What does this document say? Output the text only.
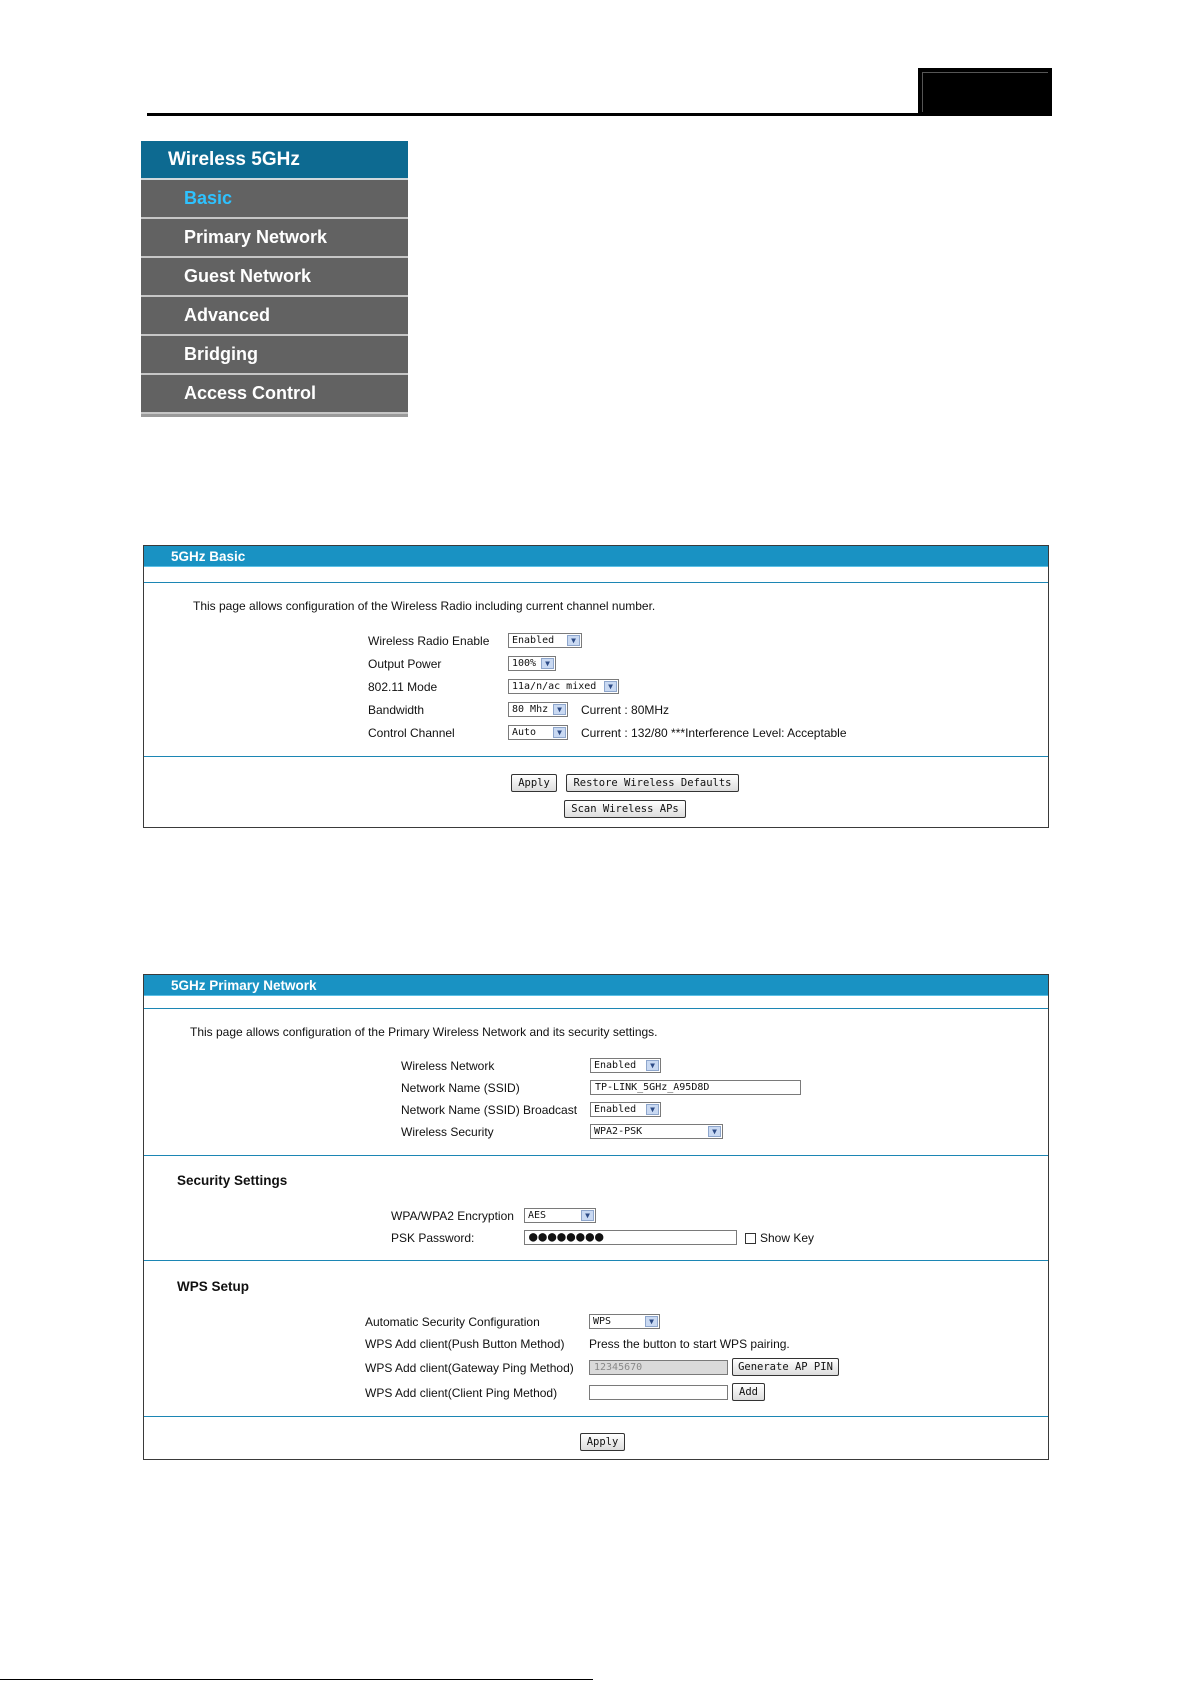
Wireless 5GHz
Basic
Primary Network
Guest Network
Advanced
Bridging
Access Control
5GHz Basic
This page allows configuration of the Wireless Radio including current channel number.
Wireless Radio Enable	Enabled	▼
Output Power	100%	▼
802.11 Mode	11a/n/ac mixed	▼
Bandwidth	80 Mhz	▼	Current : 80MHz
Control Channel	Auto	▼	Current : 132/80 ***Interference Level: Acceptable
Apply	Restore Wireless Defaults
Scan Wireless APs
5GHz Primary Network
This page allows configuration of the Primary Wireless Network and its security settings.
Wireless Network	Enabled	▼
Network Name (SSID)	TP-LINK_5GHz_A95D8D
Network Name (SSID) Broadcast	Enabled	▼
Wireless Security	WPA2-PSK	▼
Security Settings
WPA/WPA2 Encryption	AES	▼
PSK Password:	●●●●●●●●	Show Key
WPS Setup
Automatic Security Configuration	WPS	▼
WPS Add client(Push Button Method) Press the button to start WPS pairing.
WPS Add client(Gateway Ping Method)	12345670	Generate AP PIN
WPS Add client(Client Ping Method)	Add
Apply
